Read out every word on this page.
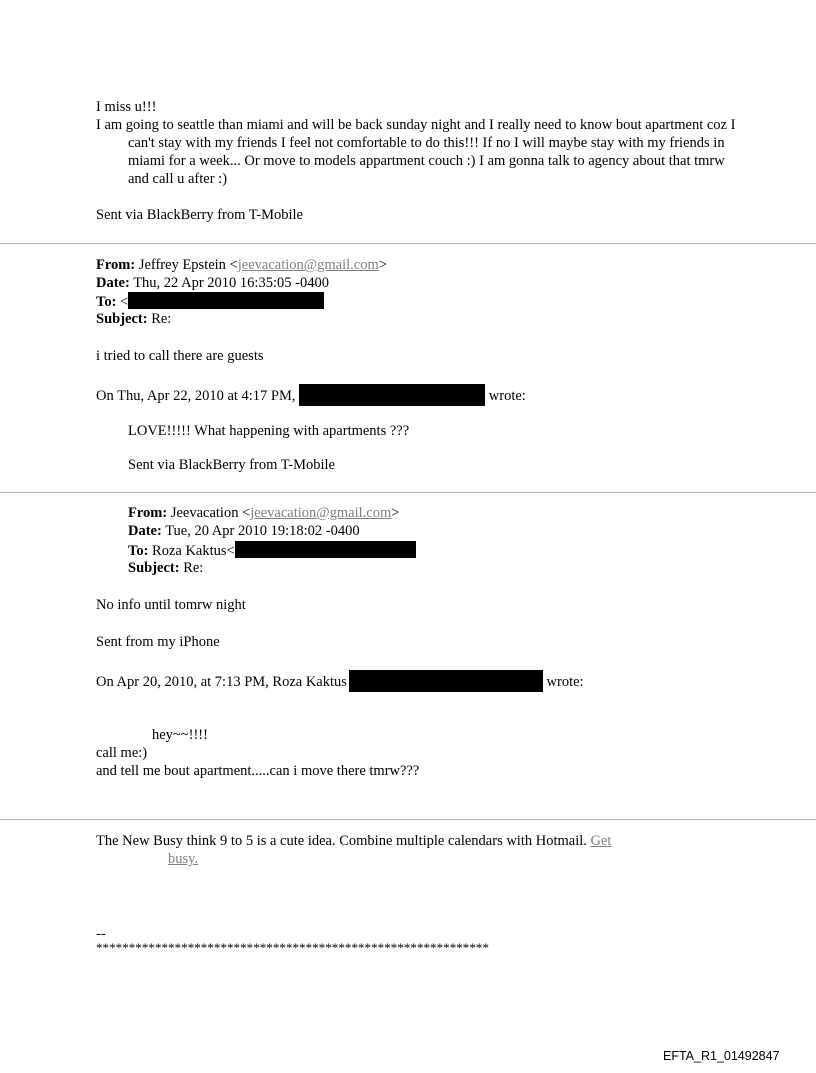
I miss u!!!
I am going to seattle than miami and will be back sunday night and I really need to know bout apartment coz I can't stay with my friends I feel not comfortable to do this!!! If no I will maybe stay with my friends in miami for a week... Or move to models appartment couch :) I am gonna talk to agency about that tmrw and call u after :)
Sent via BlackBerry from T-Mobile
From: Jeffrey Epstein <jeevacation@gmail.com>
Date: Thu, 22 Apr 2010 16:35:05 -0400
To: <
Subject: Re:
i tried to call there are guests
On Thu, Apr 22, 2010 at 4:17 PM,	wrote:
LOVE!!!!! What happening with apartments ???
Sent via BlackBerry from T-Mobile
From: Jeevacation <jeevacation@gmail.com>
Date: Tue, 20 Apr 2010 19:18:02 -0400
To: Roza Kaktus<
Subject: Re:
No info until tomrw night
Sent from my iPhone
On Apr 20, 2010, at 7:13 PM, Roza Kaktus	wrote:
hey~~!!!!
call me:)
and tell me bout apartment.....can i move there tmrw???
The New Busy think 9 to 5 is a cute idea. Combine multiple calendars with Hotmail. Get
busy.
--
************************************************************
EFTA_R1_01492847
